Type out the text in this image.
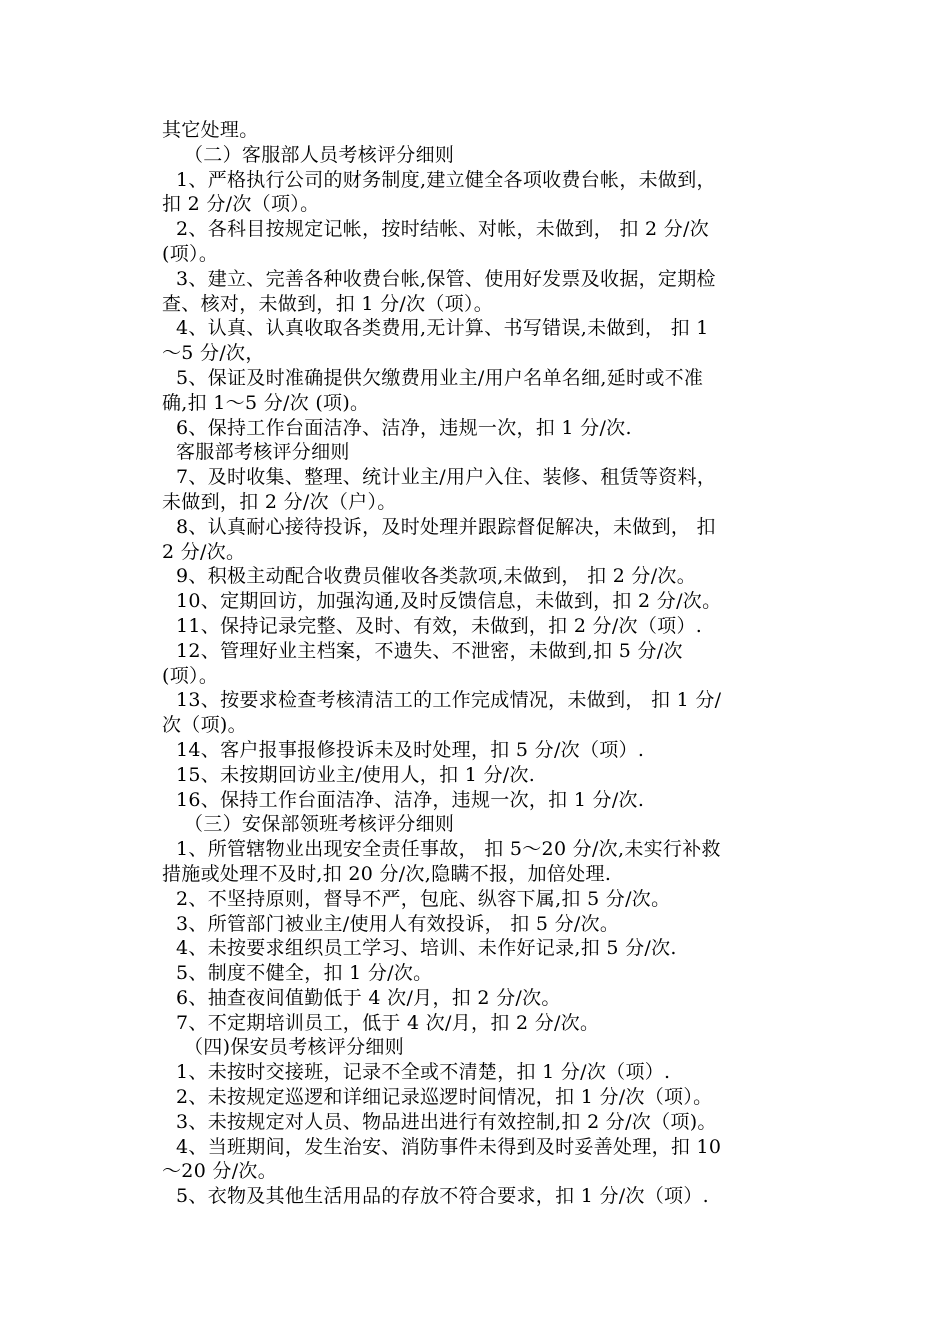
其它处理。
（二）客服部人员考核评分细则
1、严格执行公司的财务制度,建立健全各项收费台帐，未做到，
扣 2 分/次（项）。
2、各科目按规定记帐，按时结帐、对帐，未做到， 扣 2 分/次
(项）。
3、建立、完善各种收费台帐,保管、使用好发票及收据，定期检
查、核对，未做到，扣 1 分/次（项）。
4、认真、认真收取各类费用,无计算、书写错误,未做到， 扣 1
～5 分/次，
5、保证及时准确提供欠缴费用业主/用户名单名细,延时或不准
确,扣 1～5 分/次 (项)。
6、保持工作台面洁净、洁净，违规一次，扣 1 分/次.
客服部考核评分细则
7、及时收集、整理、统计业主/用户入住、装修、租赁等资料，
未做到，扣 2 分/次（户）。
8、认真耐心接待投诉，及时处理并跟踪督促解决，未做到， 扣
2 分/次。
9、积极主动配合收费员催收各类款项,未做到， 扣 2 分/次。
10、定期回访，加强沟通,及时反馈信息，未做到，扣 2 分/次。
11、保持记录完整、及时、有效，未做到，扣 2 分/次（项）.
12、管理好业主档案，不遗失、不泄密，未做到,扣 5 分/次
(项）。
13、按要求检查考核清洁工的工作完成情况，未做到， 扣 1 分/
次（项)。
14、客户报事报修投诉未及时处理，扣 5 分/次（项）.
15、未按期回访业主/使用人，扣 1 分/次.
16、保持工作台面洁净、洁净，违规一次，扣 1 分/次.
（三）安保部领班考核评分细则
1、所管辖物业出现安全责任事故， 扣 5～20 分/次,未实行补救
措施或处理不及时,扣 20 分/次,隐瞒不报，加倍处理.
2、不坚持原则，督导不严，包庇、纵容下属,扣 5 分/次。
3、所管部门被业主/使用人有效投诉， 扣 5 分/次。
4、未按要求组织员工学习、培训、未作好记录,扣 5 分/次.
5、制度不健全，扣 1 分/次。
6、抽查夜间值勤低于 4 次/月，扣 2 分/次。
7、不定期培训员工，低于 4 次/月，扣 2 分/次。
（四)保安员考核评分细则
1、未按时交接班，记录不全或不清楚，扣 1 分/次（项）.
2、未按规定巡逻和详细记录巡逻时间情况，扣 1 分/次（项）。
3、未按规定对人员、物品进出进行有效控制,扣 2 分/次（项)。
4、当班期间，发生治安、消防事件未得到及时妥善处理，扣 10
～20 分/次。
5、衣物及其他生活用品的存放不符合要求，扣 1 分/次（项）.
